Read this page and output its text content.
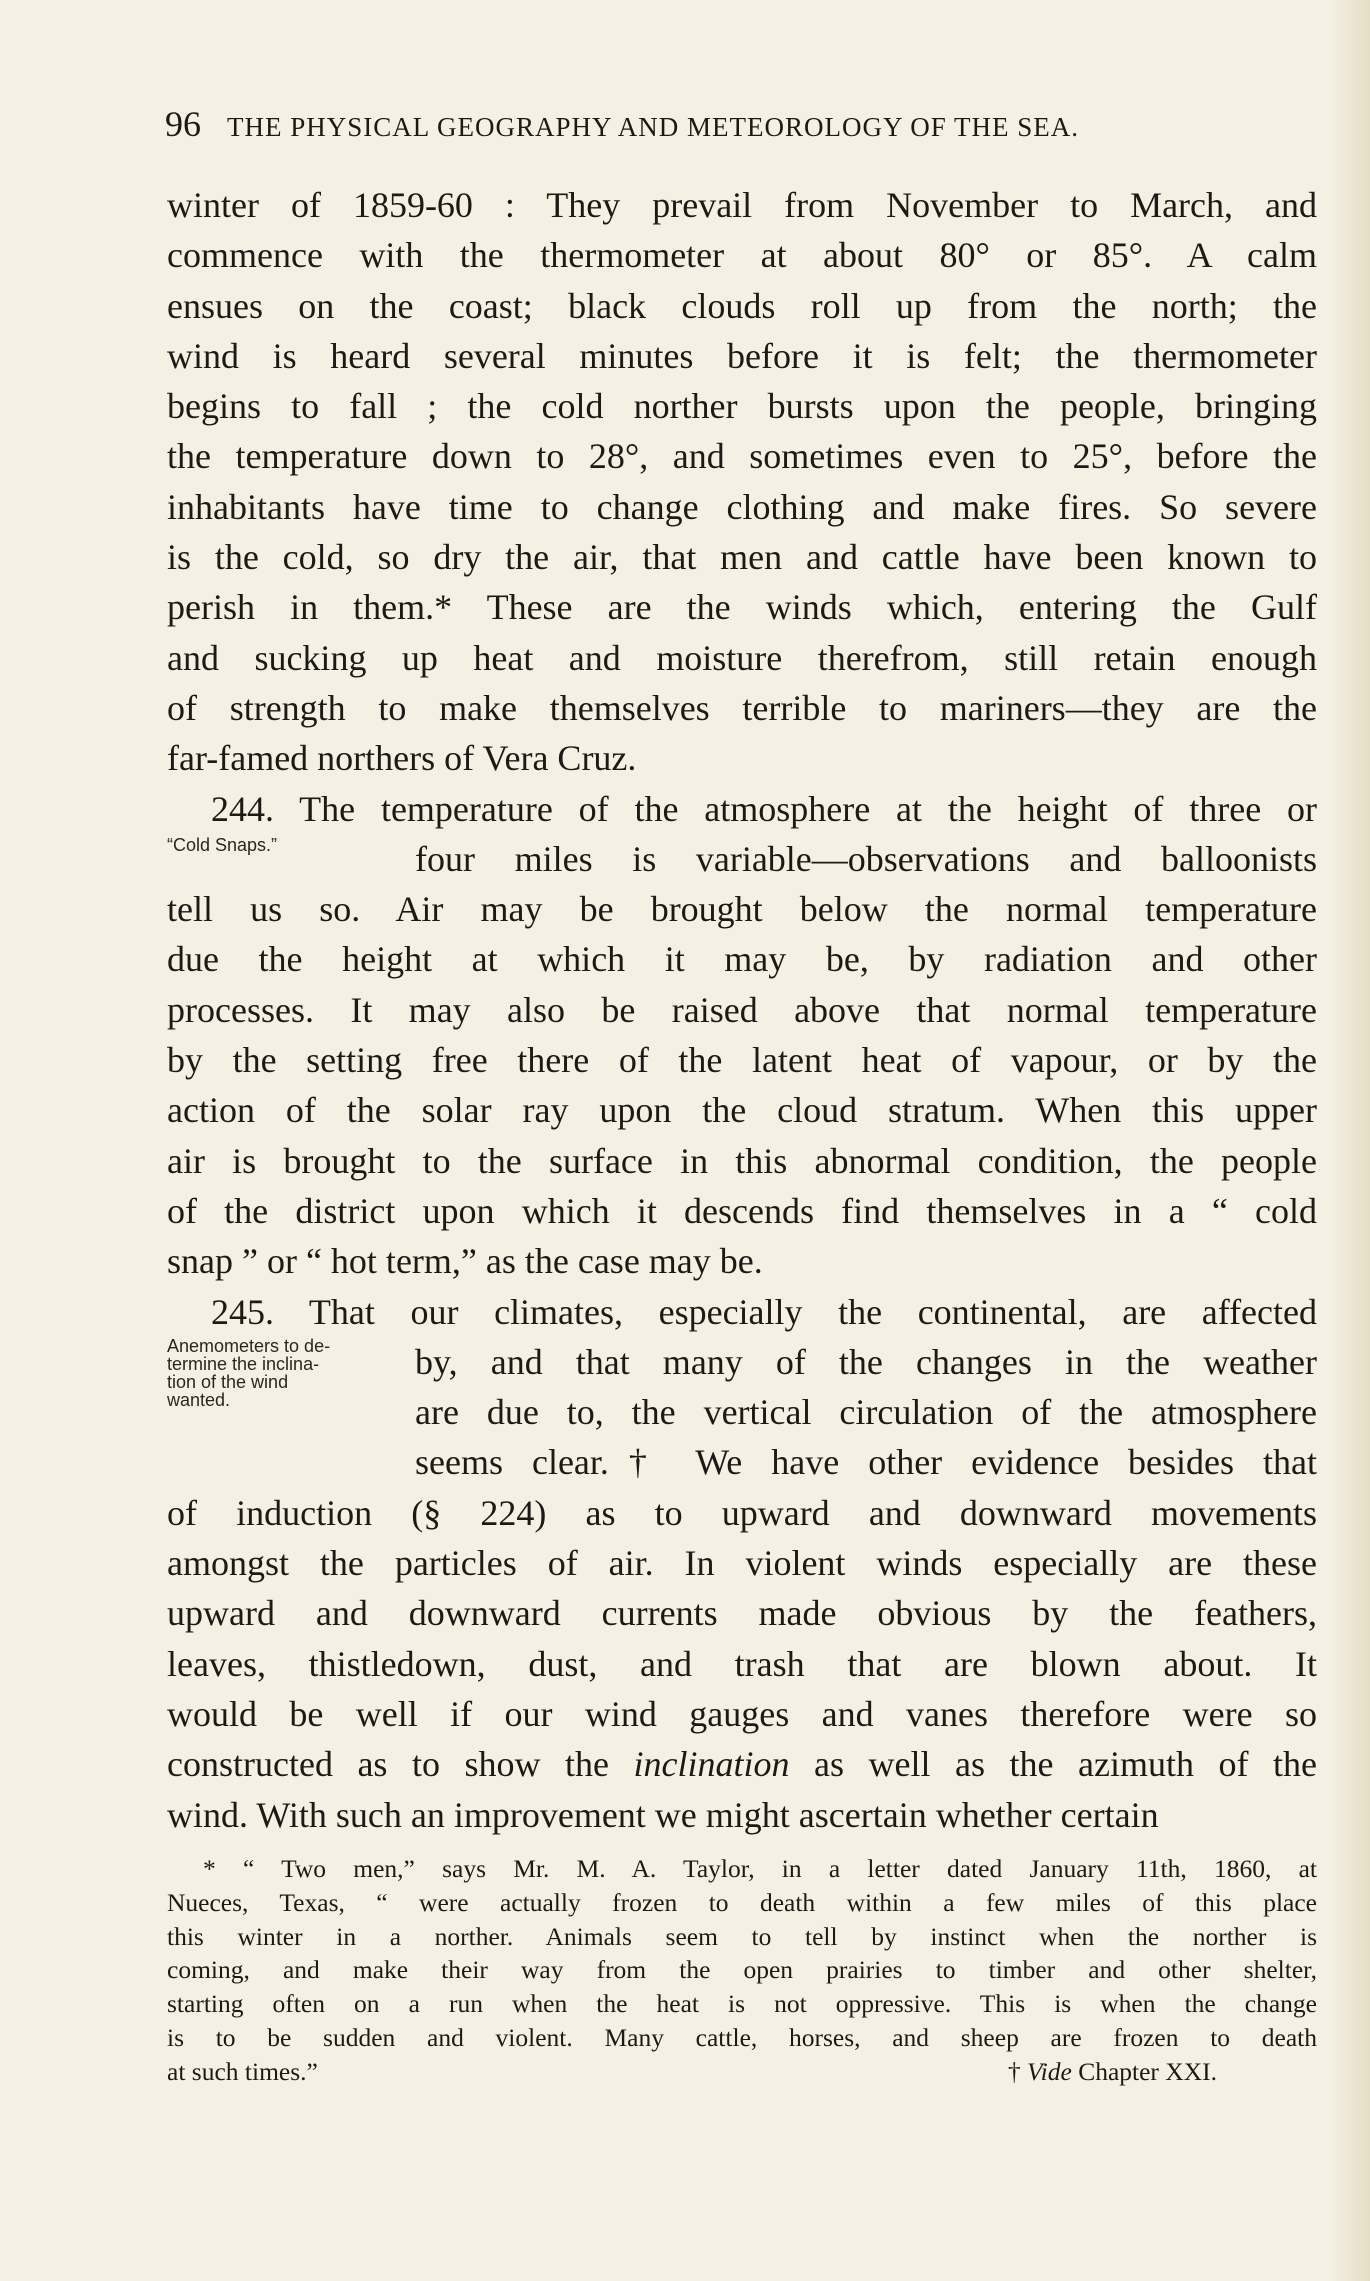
96 THE PHYSICAL GEOGRAPHY AND METEOROLOGY OF THE SEA.
winter of 1859-60 : They prevail from November to March, and
commence with the thermometer at about 80° or 85°. A calm
ensues on the coast; black clouds roll up from the north; the
wind is heard several minutes before it is felt; the thermometer
begins to fall ; the cold norther bursts upon the people, bringing
the temperature down to 28°, and sometimes even to 25°, before the
inhabitants have time to change clothing and make fires. So severe
is the cold, so dry the air, that men and cattle have been known to
perish in them.* These are the winds which, entering the Gulf
and sucking up heat and moisture therefrom, still retain enough
of strength to make themselves terrible to mariners—they are the
far-famed northers of Vera Cruz.
244. The temperature of the atmosphere at the height of three or
four miles is variable—observations and balloonists
tell us so. Air may be brought below the normal temperature
due the height at which it may be, by radiation and other
processes. It may also be raised above that normal temperature
by the setting free there of the latent heat of vapour, or by the
action of the solar ray upon the cloud stratum. When this upper
air is brought to the surface in this abnormal condition, the people
of the district upon which it descends find themselves in a “ cold
snap ” or “ hot term,” as the case may be.
245. That our climates, especially the continental, are affected
by, and that many of the changes in the weather
are due to, the vertical circulation of the atmosphere
seems clear.† We have other evidence besides that
of induction (§ 224) as to upward and downward movements
amongst the particles of air. In violent winds especially are these
upward and downward currents made obvious by the feathers,
leaves, thistledown, dust, and trash that are blown about. It
would be well if our wind gauges and vanes therefore were so
constructed as to show the inclination as well as the azimuth of the
wind. With such an improvement we might ascertain whether certain
“Cold Snaps.”
Anemometers to de-
termine the inclina-
tion of the wind
wanted.
* “ Two men,” says Mr. M. A. Taylor, in a letter dated January 11th, 1860, at
Nueces, Texas, “ were actually frozen to death within a few miles of this place
this winter in a norther. Animals seem to tell by instinct when the norther is
coming, and make their way from the open prairies to timber and other shelter,
starting often on a run when the heat is not oppressive. This is when the change
is to be sudden and violent. Many cattle, horses, and sheep are frozen to death
at such times.”	† Vide Chapter XXI.
